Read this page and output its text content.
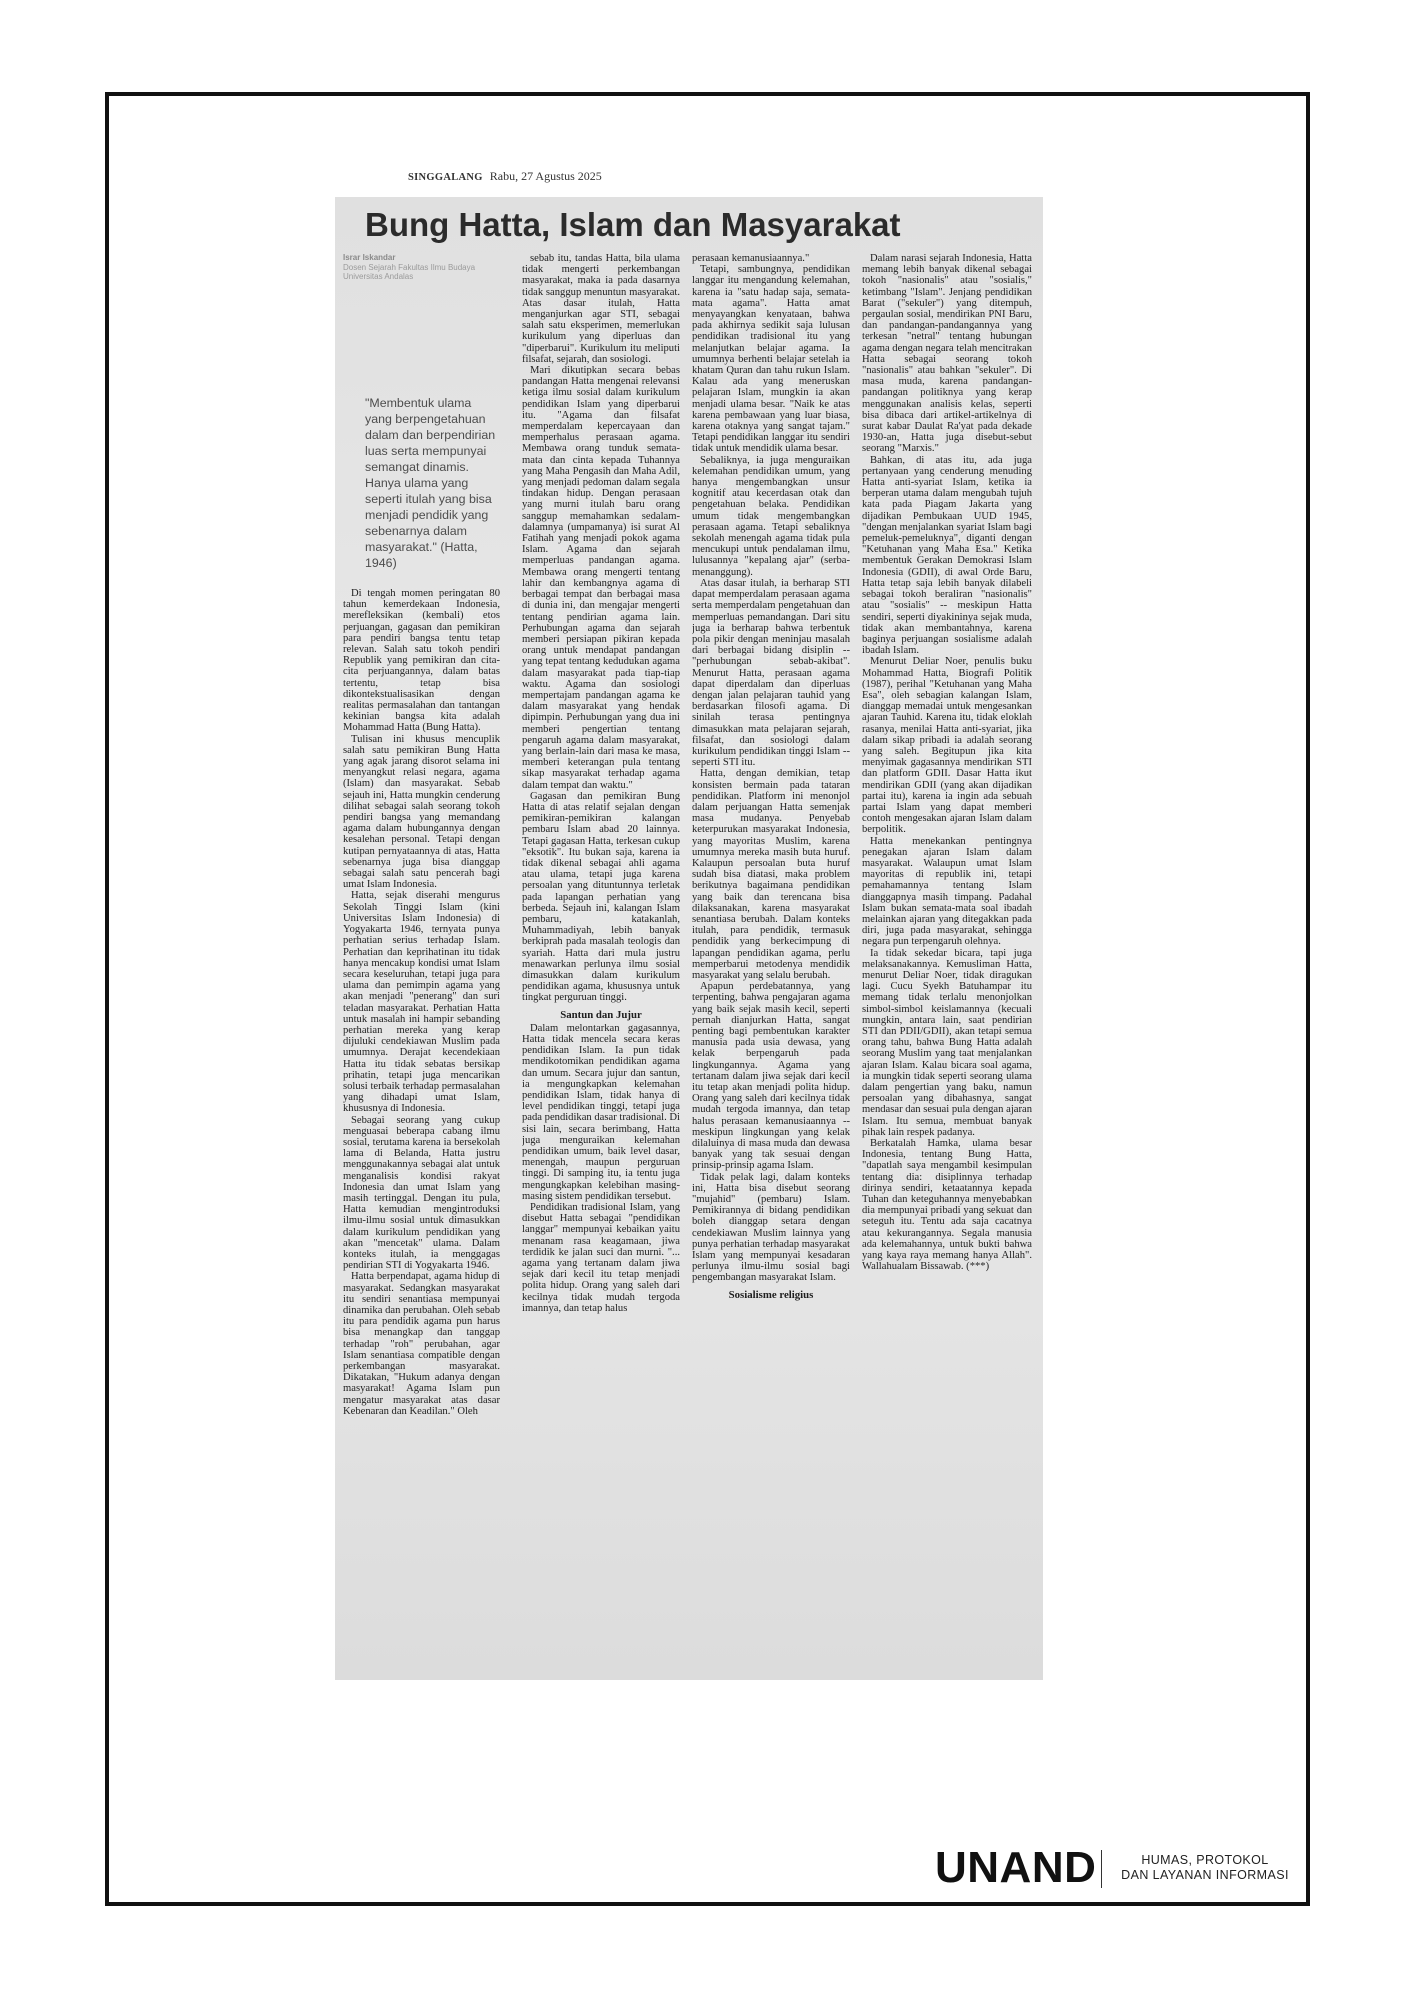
SINGGALANG Rabu, 27 Agustus 2025
Bung Hatta, Islam dan Masyarakat
Israr Iskandar
Dosen Sejarah Fakultas Ilmu Budaya
Universitas Andalas
"Membentuk ulama yang berpengetahuan dalam dan berpendirian luas serta mempunyai semangat dinamis. Hanya ulama yang seperti itulah yang bisa menjadi pendidik yang sebenarnya dalam masyarakat." (Hatta, 1946)

Di tengah momen peringatan 80 tahun kemerdekaan Indonesia, merefleksikan (kembali) etos perjuangan, gagasan dan pemikiran para pendiri bangsa tentu tetap relevan. Salah satu tokoh pendiri Republik yang pemikiran dan cita-cita perjuangannya, dalam batas tertentu, tetap bisa dikontekstualisasikan dengan realitas permasalahan dan tantangan kekinian bangsa kita adalah Mohammad Hatta (Bung Hatta).

Tulisan ini khusus mencuplik salah satu pemikiran Bung Hatta yang agak jarang disorot selama ini menyangkut relasi negara, agama (Islam) dan masyarakat. Sebab sejauh ini, Hatta mungkin cenderung dilihat sebagai salah seorang tokoh pendiri bangsa yang memandang agama dalam hubungannya dengan kesalehan personal. Tetapi dengan kutipan pernyataannya di atas, Hatta sebenarnya juga bisa dianggap sebagai salah satu pencerah bagi umat Islam Indonesia.

Hatta, sejak diserahi mengurus Sekolah Tinggi Islam (kini Universitas Islam Indonesia) di Yogyakarta 1946, ternyata punya perhatian serius terhadap Islam. Perhatian dan keprihatinan itu tidak hanya mencakup kondisi umat Islam secara keseluruhan, tetapi juga para ulama dan pemimpin agama yang akan menjadi "penerang" dan suri teladan masyarakat. Perhatian Hatta untuk masalah ini hampir sebanding perhatian mereka yang kerap dijuluki cendekiawan Muslim pada umumnya. Derajat kecendekiaan Hatta itu tidak sebatas bersikap prihatin, tetapi juga mencarikan solusi terbaik terhadap permasalahan yang dihadapi umat Islam, khususnya di Indonesia.

Sebagai seorang yang cukup menguasai beberapa cabang ilmu sosial, terutama karena ia bersekolah lama di Belanda, Hatta justru menggunakannya sebagai alat untuk menganalisis kondisi rakyat Indonesia dan umat Islam yang masih tertinggal. Dengan itu pula, Hatta kemudian mengintroduksi ilmu-ilmu sosial untuk dimasukkan dalam kurikulum pendidikan yang akan "mencetak" ulama. Dalam konteks itulah, ia menggagas pendirian STI di Yogyakarta 1946.

Hatta berpendapat, agama hidup di masyarakat. Sedangkan masyarakat itu sendiri senantiasa mempunyai dinamika dan perubahan. Oleh sebab itu para pendidik agama pun harus bisa menangkap dan tanggap terhadap "roh" perubahan, agar Islam senantiasa compatible dengan perkembangan masyarakat. Dikatakan, "Hukum adanya dengan masyarakat! Agama Islam pun mengatur masyarakat atas dasar Kebenaran dan Keadilan." Oleh

sebab itu, tandas Hatta, bila ulama tidak mengerti perkembangan masyarakat, maka ia pada dasarnya tidak sanggup menuntun masyarakat. Atas dasar itulah, Hatta menganjurkan agar STI, sebagai salah satu eksperimen, memerlukan kurikulum yang diperluas dan "diperbarui". Kurikulum itu meliputi filsafat, sejarah, dan sosiologi.

Mari dikutipkan secara bebas pandangan Hatta mengenai relevansi ketiga ilmu sosial dalam kurikulum pendidikan Islam yang diperbarui itu. "Agama dan filsafat memperdalam kepercayaan dan memperhalus perasaan agama. Membawa orang tunduk semata-mata dan cinta kepada Tuhannya yang Maha Pengasih dan Maha Adil, yang menjadi pedoman dalam segala tindakan hidup. Dengan perasaan yang murni itulah baru orang sanggup memahamkan sedalam-dalamnya (umpamanya) isi surat Al Fatihah yang menjadi pokok agama Islam. Agama dan sejarah memperluas pandangan agama. Membawa orang mengerti tentang lahir dan kembangnya agama di berbagai tempat dan berbagai masa di dunia ini, dan mengajar mengerti tentang pendirian agama lain. Perhubungan agama dan sejarah memberi persiapan pikiran kepada orang untuk mendapat pandangan yang tepat tentang kedudukan agama dalam masyarakat pada tiap-tiap waktu. Agama dan sosiologi mempertajam pandangan agama ke dalam masyarakat yang hendak dipimpin. Perhubungan yang dua ini memberi pengertian tentang pengaruh agama dalam masyarakat, yang berlain-lain dari masa ke masa, memberi keterangan pula tentang sikap masyarakat terhadap agama dalam tempat dan waktu."

Gagasan dan pemikiran Bung Hatta di atas relatif sejalan dengan pemikiran-pemikiran kalangan pembaru Islam abad 20 lainnya. Tetapi gagasan Hatta, terkesan cukup "eksotik". Itu bukan saja, karena ia tidak dikenal sebagai ahli agama atau ulama, tetapi juga karena persoalan yang dituntunnya terletak pada lapangan perhatian yang berbeda. Sejauh ini, kalangan Islam pembaru, katakanlah, Muhammadiyah, lebih banyak berkiprah pada masalah teologis dan syariah. Hatta dari mula justru menawarkan perlunya ilmu sosial dimasukkan dalam kurikulum pendidikan agama, khususnya untuk tingkat perguruan tinggi.

Santun dan Jujur

Dalam melontarkan gagasannya, Hatta tidak mencela secara keras pendidikan Islam. Ia pun tidak mendikotomikan pendidikan agama dan umum. Secara jujur dan santun, ia mengungkapkan kelemahan pendidikan Islam, tidak hanya di level pendidikan tinggi, tetapi juga pada pendidikan dasar tradisional. Di sisi lain, secara berimbang, Hatta juga menguraikan kelemahan pendidikan umum, baik level dasar, menengah, maupun perguruan tinggi. Di samping itu, ia tentu juga mengungkapkan kelebihan masing-masing sistem pendidikan tersebut.

Pendidikan tradisional Islam, yang disebut Hatta sebagai "pendidikan langgar" mempunyai kebaikan yaitu menanam rasa keagamaan, jiwa terdidik ke jalan suci dan murni. "... agama yang tertanam dalam jiwa sejak dari kecil itu tetap menjadi polita hidup. Orang yang saleh dari kecilnya tidak mudah tergoda imannya, dan tetap halus

perasaan kemanusiaannya."

Tetapi, sambungnya, pendidikan langgar itu mengandung kelemahan, karena ia "satu hadap saja, semata-mata agama". Hatta amat menyayangkan kenyataan, bahwa pada akhirnya sedikit saja lulusan pendidikan tradisional itu yang melanjutkan belajar agama. Ia umumnya berhenti belajar setelah ia khatam Quran dan tahu rukun Islam. Kalau ada yang meneruskan pelajaran Islam, mungkin ia akan menjadi ulama besar. "Naik ke atas karena pembawaan yang luar biasa, karena otaknya yang sangat tajam." Tetapi pendidikan langgar itu sendiri tidak untuk mendidik ulama besar.

Sebaliknya, ia juga menguraikan kelemahan pendidikan umum, yang hanya mengembangkan unsur kognitif atau kecerdasan otak dan pengetahuan belaka. Pendidikan umum tidak mengembangkan perasaan agama. Tetapi sebaliknya sekolah menengah agama tidak pula mencukupi untuk pendalaman ilmu, lulusannya "kepalang ajar" (serba-menanggung).

Atas dasar itulah, ia berharap STI dapat memperdalam perasaan agama serta memperdalam pengetahuan dan memperluas pemandangan. Dari situ juga ia berharap bahwa terbentuk pola pikir dengan meninjau masalah dari berbagai bidang disiplin -- "perhubungan sebab-akibat". Menurut Hatta, perasaan agama dapat diperdalam dan diperluas dengan jalan pelajaran tauhid yang berdasarkan filosofi agama. Di sinilah terasa pentingnya dimasukkan mata pelajaran sejarah, filsafat, dan sosiologi dalam kurikulum pendidikan tinggi Islam -- seperti STI itu.

Hatta, dengan demikian, tetap konsisten bermain pada tataran pendidikan. Platform ini menonjol dalam perjuangan Hatta semenjak masa mudanya. Penyebab keterpurukan masyarakat Indonesia, yang mayoritas Muslim, karena umumnya mereka masih buta huruf. Kalaupun persoalan buta huruf sudah bisa diatasi, maka problem berikutnya bagaimana pendidikan yang baik dan terencana bisa dilaksanakan, karena masyarakat senantiasa berubah. Dalam konteks itulah, para pendidik, termasuk pendidik yang berkecimpung di lapangan pendidikan agama, perlu memperbarui metodenya mendidik masyarakat yang selalu berubah.

Apapun perdebatannya, yang terpenting, bahwa pengajaran agama yang baik sejak masih kecil, seperti pernah dianjurkan Hatta, sangat penting bagi pembentukan karakter manusia pada usia dewasa, yang kelak berpengaruh pada lingkungannya. Agama yang tertanam dalam jiwa sejak dari kecil itu tetap akan menjadi polita hidup. Orang yang saleh dari kecilnya tidak mudah tergoda imannya, dan tetap halus perasaan kemanusiaannya -- meskipun lingkungan yang kelak dilaluinya di masa muda dan dewasa banyak yang tak sesuai dengan prinsip-prinsip agama Islam.

Tidak pelak lagi, dalam konteks ini, Hatta bisa disebut seorang "mujahid" (pembaru) Islam. Pemikirannya di bidang pendidikan boleh dianggap setara dengan cendekiawan Muslim lainnya yang punya perhatian terhadap masyarakat Islam yang mempunyai kesadaran perlunya ilmu-ilmu sosial bagi pengembangan masyarakat Islam.

Sosialisme religius

Dalam narasi sejarah Indonesia, Hatta memang lebih banyak dikenal sebagai tokoh "nasionalis" atau "sosialis," ketimbang "Islam". Jenjang pendidikan Barat ("sekuler") yang ditempuh, pergaulan sosial, mendirikan PNI Baru, dan pandangan-pandangannya yang terkesan "netral" tentang hubungan agama dengan negara telah mencitrakan Hatta sebagai seorang tokoh "nasionalis" atau bahkan "sekuler". Di masa muda, karena pandangan-pandangan politiknya yang kerap menggunakan analisis kelas, seperti bisa dibaca dari artikel-artikelnya di surat kabar Daulat Ra'yat pada dekade 1930-an, Hatta juga disebut-sebut seorang "Marxis."

Bahkan, di atas itu, ada juga pertanyaan yang cenderung menuding Hatta anti-syariat Islam, ketika ia berperan utama dalam mengubah tujuh kata pada Piagam Jakarta yang dijadikan Pembukaan UUD 1945, "dengan menjalankan syariat Islam bagi pemeluk-pemeluknya", diganti dengan "Ketuhanan yang Maha Esa." Ketika membentuk Gerakan Demokrasi Islam Indonesia (GDII), di awal Orde Baru, Hatta tetap saja lebih banyak dilabeli sebagai tokoh beraliran "nasionalis" atau "sosialis" -- meskipun Hatta sendiri, seperti diyakininya sejak muda, tidak akan membantahnya, karena baginya perjuangan sosialisme adalah ibadah Islam.

Menurut Deliar Noer, penulis buku Mohammad Hatta, Biografi Politik (1987), perihal "Ketuhanan yang Maha Esa", oleh sebagian kalangan Islam, dianggap memadai untuk mengesankan ajaran Tauhid. Karena itu, tidak eloklah rasanya, menilai Hatta anti-syariat, jika dalam sikap pribadi ia adalah seorang yang saleh. Begitupun jika kita menyimak gagasannya mendirikan STI dan platform GDII. Dasar Hatta ikut mendirikan GDII (yang akan dijadikan partai itu), karena ia ingin ada sebuah partai Islam yang dapat memberi contoh mengesakan ajaran Islam dalam berpolitik.

Hatta menekankan pentingnya penegakan ajaran Islam dalam masyarakat. Walaupun umat Islam mayoritas di republik ini, tetapi pemahamannya tentang Islam dianggapnya masih timpang. Padahal Islam bukan semata-mata soal ibadah melainkan ajaran yang ditegakkan pada diri, juga pada masyarakat, sehingga negara pun terpengaruh olehnya.

Ia tidak sekedar bicara, tapi juga melaksanakannya. Kemusliman Hatta, menurut Deliar Noer, tidak diragukan lagi. Cucu Syekh Batuhampar itu memang tidak terlalu menonjolkan simbol-simbol keislamannya (kecuali mungkin, antara lain, saat pendirian STI dan PDII/GDII), akan tetapi semua orang tahu, bahwa Bung Hatta adalah seorang Muslim yang taat menjalankan ajaran Islam. Kalau bicara soal agama, ia mungkin tidak seperti seorang ulama dalam pengertian yang baku, namun persoalan yang dibahasnya, sangat mendasar dan sesuai pula dengan ajaran Islam. Itu semua, membuat banyak pihak lain respek padanya.

Berkatalah Hamka, ulama besar Indonesia, tentang Bung Hatta, "dapatlah saya mengambil kesimpulan tentang dia: disiplinnya terhadap dirinya sendiri, ketaatannya kepada Tuhan dan keteguhannya menyebabkan dia mempunyai pribadi yang sekuat dan seteguh itu. Tentu ada saja cacatnya atau kekurangannya. Segala manusia ada kelemahannya, untuk bukti bahwa yang kaya raya memang hanya Allah". Wallahualam Bissawab. (***)

UNAND	HUMAS, PROTOKOL
DAN LAYANAN INFORMASI
